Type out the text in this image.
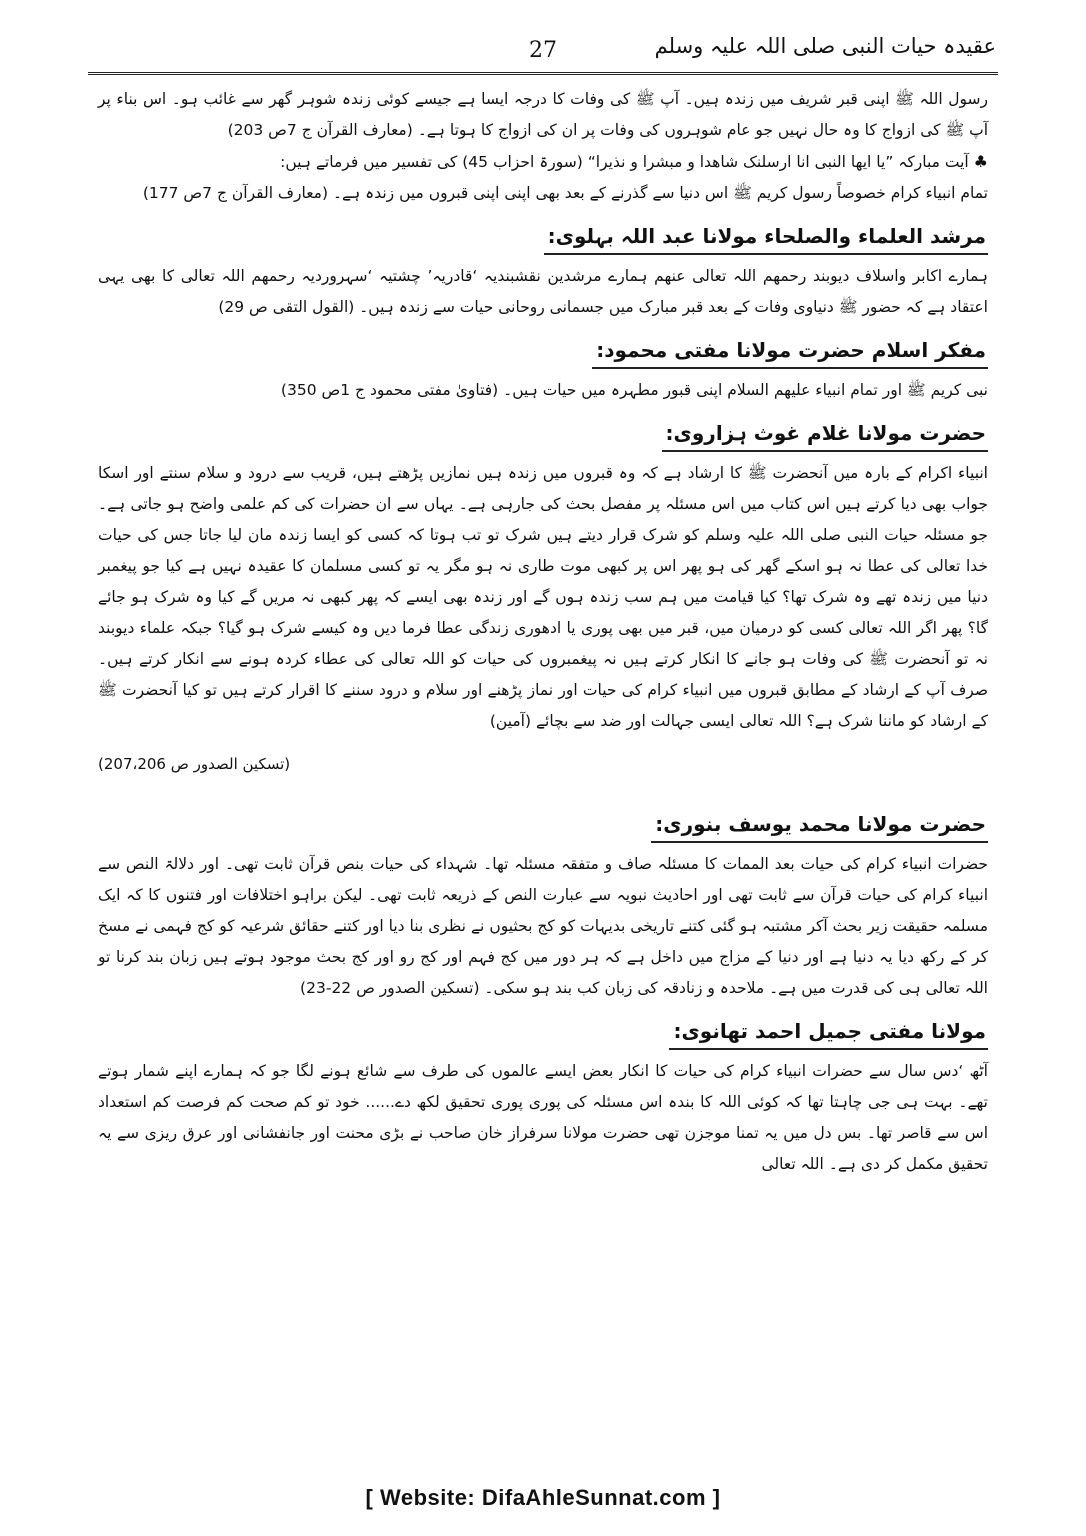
عقیدہ حیات النبی صلی اللہ علیہ وسلم
27

رسول اللہ ﷺ اپنی قبر شریف میں زندہ ہیں۔ آپ ﷺ کی وفات کا درجہ ایسا ہے جیسے کوئی زندہ شوہر گھر سے غائب ہو۔ اس بناء پر آپ ﷺ کی ازواج کا وہ حال نہیں جو عام شوہروں کی وفات پر ان کی ازواج کا ہوتا ہے۔ (معارف القرآن ج 7ص 203)

♣ آیت مبارکہ ”یا ایھا النبی انا ارسلنک شاھدا و مبشرا و نذیرا“ (سورۃ احزاب 45) کی تفسیر میں فرماتے ہیں:

تمام انبیاء کرام خصوصاً رسول کریم ﷺ اس دنیا سے گذرنے کے بعد بھی اپنی اپنی قبروں میں زندہ ہے۔ (معارف القرآن ج 7ص 177)

مرشد العلماء والصلحاء مولانا عبد اللہ بہلوی:

ہمارے اکابر واسلاف دیوبند رحمھم اللہ تعالی عنھم ہمارے مرشدین نقشبندیہ ‘قادریہ’ چشتیہ ‘سہروردیہ رحمھم اللہ تعالی کا بھی یہی اعتقاد ہے کہ حضور ﷺ دنیاوی وفات کے بعد قبر مبارک میں جسمانی روحانی حیات سے زندہ ہیں۔ (القول التقی ص 29)

مفکر اسلام حضرت مولانا مفتی محمود:

نبی کریم ﷺ اور تمام انبیاء علیھم السلام اپنی قبور مطہرہ میں حیات ہیں۔ (فتاویٰ مفتی محمود ج 1ص 350)

حضرت مولانا غلام غوث ہزاروی:

انبیاء اکرام کے بارہ میں آنحضرت ﷺ کا ارشاد ہے کہ وہ قبروں میں زندہ ہیں نمازیں پڑھتے ہیں، قریب سے درود و سلام سنتے اور اسکا جواب بھی دیا کرتے ہیں اس کتاب میں اس مسئلہ پر مفصل بحث کی جارہی ہے۔ یہاں سے ان حضرات کی کم علمی واضح ہو جاتی ہے۔ جو مسئلہ حیات النبی صلی اللہ علیہ وسلم کو شرک قرار دیتے ہیں شرک تو تب ہوتا کہ کسی کو ایسا زندہ مان لیا جاتا جس کی حیات خدا تعالی کی عطا نہ ہو اسکے گھر کی ہو پھر اس پر کبھی موت طاری نہ ہو مگر یہ تو کسی مسلمان کا عقیدہ نہیں ہے کیا جو پیغمبر دنیا میں زندہ تھے وہ شرک تھا؟ کیا قیامت میں ہم سب زندہ ہوں گے اور زندہ بھی ایسے کہ پھر کبھی نہ مریں گے کیا وہ شرک ہو جائے گا؟ پھر اگر اللہ تعالی کسی کو درمیان میں، قبر میں بھی پوری یا ادھوری زندگی عطا فرما دیں وہ کیسے شرک ہو گیا؟ جبکہ علماء دیوبند نہ تو آنحضرت ﷺ کی وفات ہو جانے کا انکار کرتے ہیں نہ پیغمبروں کی حیات کو اللہ تعالی کی عطاء کردہ ہونے سے انکار کرتے ہیں۔ صرف آپ کے ارشاد کے مطابق قبروں میں انبیاء کرام کی حیات اور نماز پڑھنے اور سلام و درود سننے کا اقرار کرتے ہیں تو کیا آنحضرت ﷺ کے ارشاد کو ماننا شرک ہے؟ اللہ تعالی ایسی جہالت اور ضد سے بچائے (آمین)

(تسکین الصدور ص 207،206)
حضرت مولانا محمد یوسف بنوری:

حضرات انبیاء کرام کی حیات بعد الممات کا مسئلہ صاف و متفقہ مسئلہ تھا۔ شہداء کی حیات بنص قرآن ثابت تھی۔ اور دلالۃ النص سے انبیاء کرام کی حیات قرآن سے ثابت تھی اور احادیث نبویہ سے عبارت النص کے ذریعہ ثابت تھی۔ لیکن براہو اختلافات اور فتنوں کا کہ ایک مسلمہ حقیقت زیر بحث آکر مشتبہ ہو گئی کتنے تاریخی بدیہات کو کج بحثیوں نے نظری بنا دیا اور کتنے حقائق شرعیہ کو کج فہمی نے مسخ کر کے رکھ دیا یہ دنیا ہے اور دنیا کے مزاج میں داخل ہے کہ ہر دور میں کج فہم اور کج رو اور کج بحث موجود ہوتے ہیں زبان بند کرنا تو اللہ تعالی ہی کی قدرت میں ہے۔ ملاحدہ و زنادقہ کی زبان کب بند ہو سکی۔ (تسکین الصدور ص 22-23)

مولانا مفتی جمیل احمد تھانوی:

آٹھ ‘دس سال سے حضرات انبیاء کرام کی حیات کا انکار بعض ایسے عالموں کی طرف سے شائع ہونے لگا جو کہ ہمارے اپنے شمار ہوتے تھے۔ بہت ہی جی چاہتا تھا کہ کوئی اللہ کا بندہ اس مسئلہ کی پوری پوری تحقیق لکھ دے...... خود تو کم صحت کم فرصت کم استعداد اس سے قاصر تھا۔ بس دل میں یہ تمنا موجزن تھی حضرت مولانا سرفراز خان صاحب نے بڑی محنت اور جانفشانی اور عرق ریزی سے یہ تحقیق مکمل کر دی ہے۔ اللہ تعالی

[ Website: DifaAhleSunnat.com ]
